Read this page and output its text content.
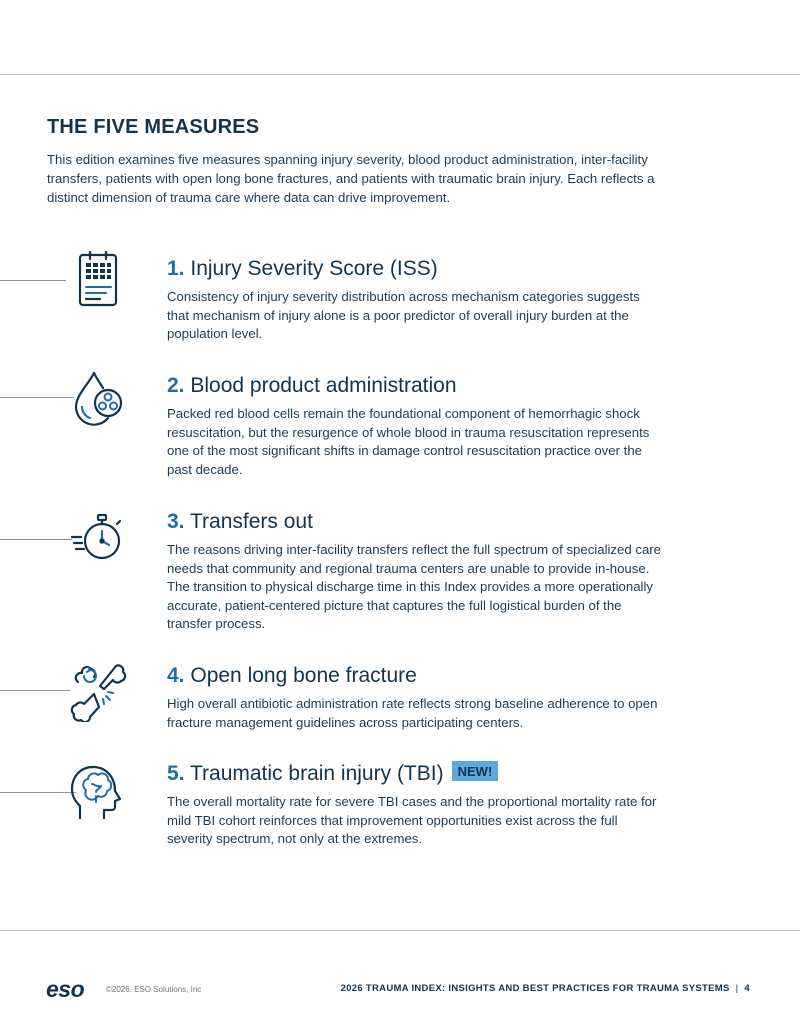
THE FIVE MEASURES

This edition examines five measures spanning injury severity, blood product administration, inter-facility transfers, patients with open long bone fractures, and patients with traumatic brain injury. Each reflects a distinct dimension of trauma care where data can drive improvement.

1. Injury Severity Score (ISS)

Consistency of injury severity distribution across mechanism categories suggests that mechanism of injury alone is a poor predictor of overall injury burden at the population level.

2. Blood product administration

Packed red blood cells remain the foundational component of hemorrhagic shock resuscitation, but the resurgence of whole blood in trauma resuscitation represents one of the most significant shifts in damage control resuscitation practice over the past decade.

3. Transfers out

The reasons driving inter-facility transfers reflect the full spectrum of specialized care needs that community and regional trauma centers are unable to provide in-house. The transition to physical discharge time in this Index provides a more operationally accurate, patient-centered picture that captures the full logistical burden of the transfer process.

4. Open long bone fracture

High overall antibiotic administration rate reflects strong baseline adherence to open fracture management guidelines across participating centers.

5. Traumatic brain injury (TBI) NEW!

The overall mortality rate for severe TBI cases and the proportional mortality rate for mild TBI cohort reinforces that improvement opportunities exist across the full severity spectrum, not only at the extremes.

eso	©2026. ESO Solutions, Inc	2026 TRAUMA INDEX: INSIGHTS AND BEST PRACTICES FOR TRAUMA SYSTEMS | 4
